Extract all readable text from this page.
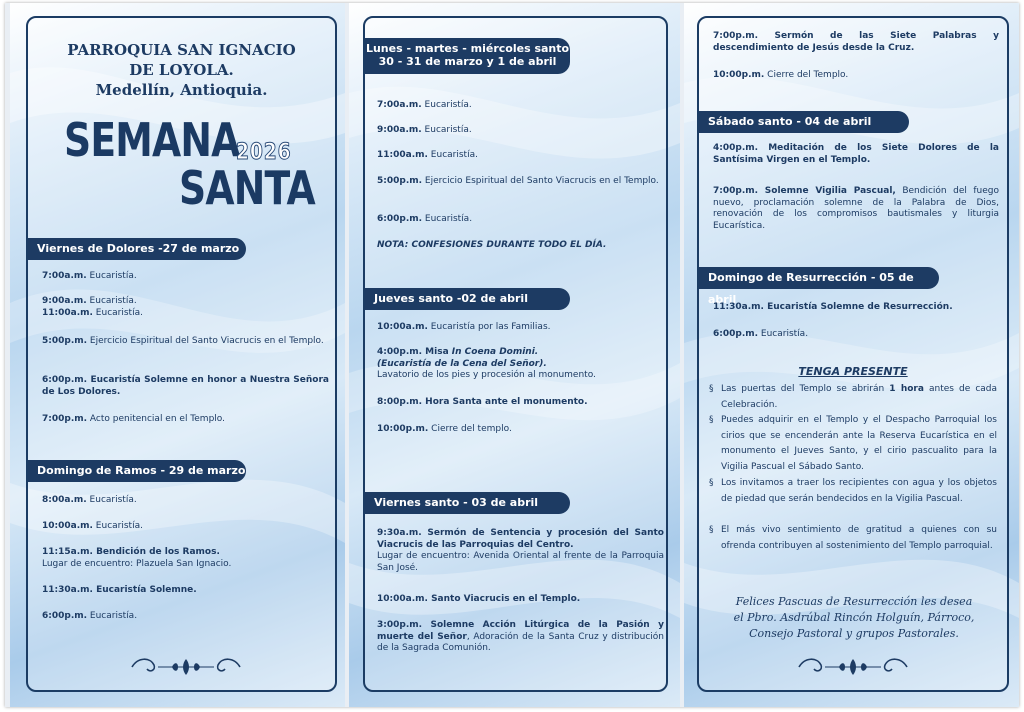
PARROQUIA SAN IGNACIO
DE LOYOLA.
Medellín, Antioquia.
SEMANA
2026
SANTA
Viernes de Dolores -27 de marzo
7:00a.m. Eucaristía.
9:00a.m. Eucaristía.
11:00a.m. Eucaristía.
5:00p.m. Ejercicio Espiritual del Santo Viacrucis en el Templo.
6:00p.m. Eucaristía Solemne en honor a Nuestra Señora de Los Dolores.
7:00p.m. Acto penitencial en el Templo.
Domingo de Ramos - 29 de marzo
8:00a.m. Eucaristía.
10:00a.m. Eucaristía.
11:15a.m. Bendición de los Ramos.
Lugar de encuentro: Plazuela San Ignacio.
11:30a.m. Eucaristía Solemne.
6:00p.m. Eucaristía.
Lunes - martes - miércoles santo
30 - 31 de marzo y 1 de abril
7:00a.m. Eucaristía.
9:00a.m. Eucaristía.
11:00a.m. Eucaristía.
5:00p.m. Ejercicio Espiritual del Santo Viacrucis en el Templo.
6:00p.m. Eucaristía.
NOTA: CONFESIONES DURANTE TODO EL DÍA.
Jueves santo -02 de abril
10:00a.m. Eucaristía por las Familias.
4:00p.m. Misa In Coena Domini.
(Eucaristía de la Cena del Señor).
Lavatorio de los pies y procesión al monumento.
8:00p.m. Hora Santa ante el monumento.
10:00p.m. Cierre del templo.
Viernes santo - 03 de abril
9:30a.m. Sermón de Sentencia y procesión del Santo Viacrucis de las Parroquias del Centro.
Lugar de encuentro: Avenida Oriental al frente de la Parroquia San José.
10:00a.m. Santo Viacrucis en el Templo.
3:00p.m. Solemne Acción Litúrgica de la Pasión y muerte del Señor, Adoración de la Santa Cruz y distribución de la Sagrada Comunión.
7:00p.m. Sermón de las Siete Palabras y descendimiento de Jesús desde la Cruz.
10:00p.m. Cierre del Templo.
Sábado santo - 04 de abril
4:00p.m. Meditación de los Siete Dolores de la Santísima Virgen en el Templo.
7:00p.m. Solemne Vigilia Pascual, Bendición del fuego nuevo, proclamación solemne de la Palabra de Dios, renovación de los compromisos bautismales y liturgia Eucarística.
Domingo de Resurrección - 05 de abril
11:30a.m. Eucaristía Solemne de Resurrección.
6:00p.m. Eucaristía.
TENGA PRESENTE
§ Las puertas del Templo se abrirán 1 hora antes de cada Celebración.
§ Puedes adquirir en el Templo y el Despacho Parroquial los cirios que se encenderán ante la Reserva Eucarística en el monumento el Jueves Santo, y el cirio pascualito para la Vigilia Pascual el Sábado Santo.
§ Los invitamos a traer los recipientes con agua y los objetos de piedad que serán bendecidos en la Vigilia Pascual.
§ El más vivo sentimiento de gratitud a quienes con su ofrenda contribuyen al sostenimiento del Templo parroquial.
Felices Pascuas de Resurrección les desea
el Pbro. Asdrúbal Rincón Holguín, Párroco,
Consejo Pastoral y grupos Pastorales.
